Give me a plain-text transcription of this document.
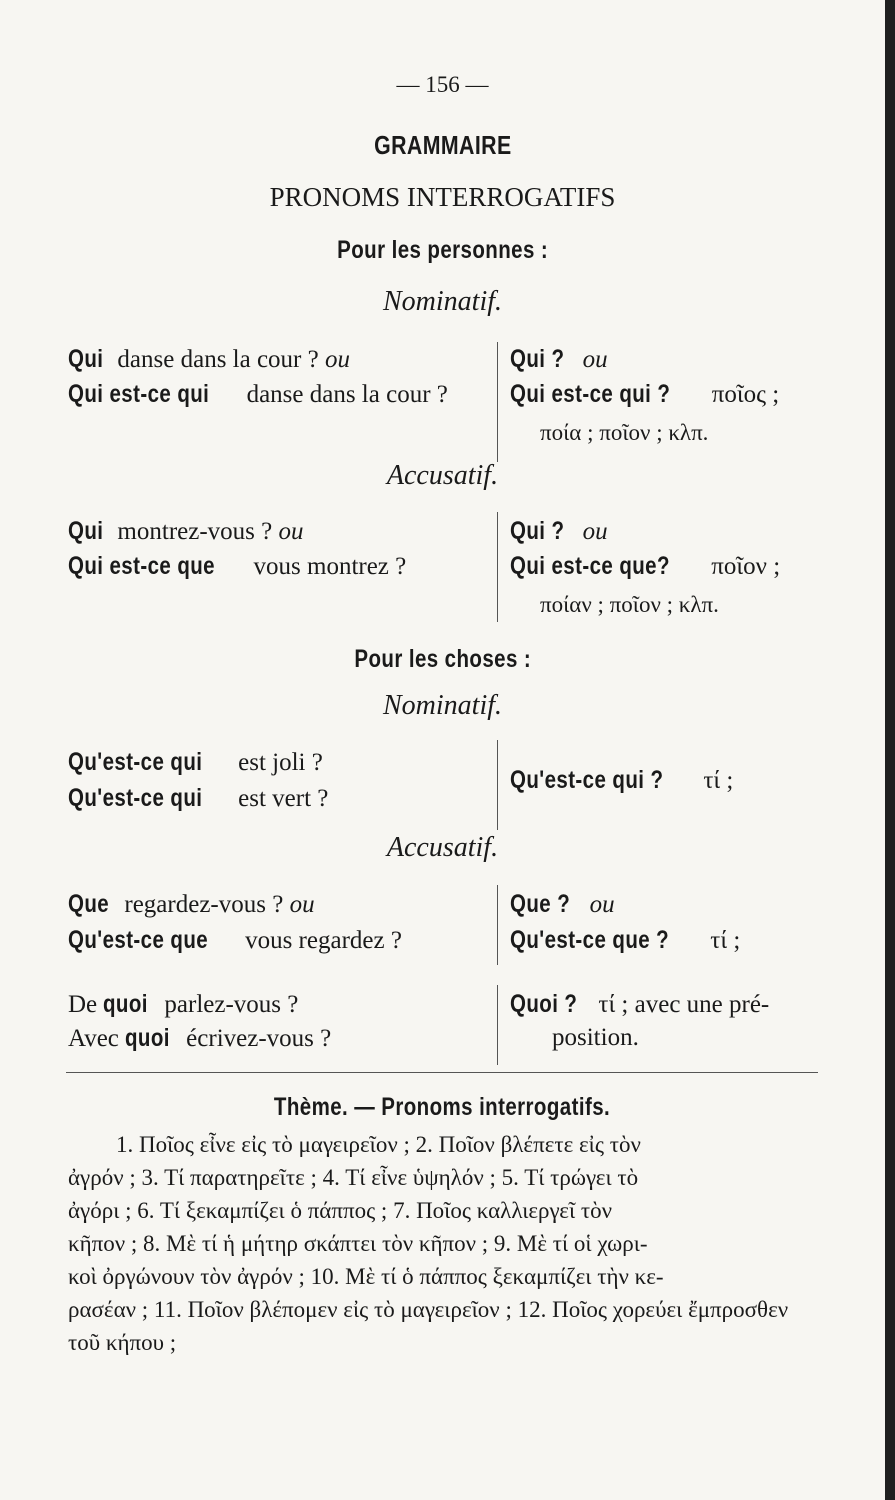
— 156 —
GRAMMAIRE
PRONOMS INTERROGATIFS
Pour les personnes :
Nominatif.
Qui danse dans la cour ? ou
Qui est-ce qui danse dans la cour ?
Qui ? ou
Qui est-ce qui ? ποῖος ;
ποία ; ποῖον ; κλπ.
Accusatif.
Qui montrez-vous ? ou
Qui est-ce que vous montrez ?
Qui ? ou
Qui est-ce que? ποῖον ;
ποίαν ; ποῖον ; κλπ.
Pour les choses :
Nominatif.
Qu'est-ce qui est joli ?
Qu'est-ce qui est vert ?
Qu'est-ce qui ? τί ;
Accusatif.
Que regardez-vous ? ou
Qu'est-ce que vous regardez ?
Que ? ou
Qu'est-ce que ? τί ;
De quoi parlez-vous ?
Avec quoi écrivez-vous ?
Quoi ? τί ; avec une pré-
position.
Thème. — Pronoms interrogatifs.

1. Ποῖος εἶνε εἰς τὸ μαγειρεῖον ; 2. Ποῖον βλέπετε εἰς τὸν

ἀγρόν ; 3. Τί παρατηρεῖτε ; 4. Τί εἶνε ὑψηλόν ; 5. Τί τρώγει τὸ

ἀγόρι ; 6. Τί ξεκαμπίζει ὁ πάππος ; 7. Ποῖος καλλιεργεῖ τὸν

κῆπον ; 8. Μὲ τί ἡ μήτηρ σκάπτει τὸν κῆπον ; 9. Μὲ τί οἱ χωρι-

κοὶ ὀργώνουν τὸν ἀγρόν ; 10. Μὲ τί ὁ πάππος ξεκαμπίζει τὴν κε-

ρασέαν ; 11. Ποῖον βλέπομεν εἰς τὸ μαγειρεῖον ; 12. Ποῖος χορεύει ἔμπροσθεν τοῦ κήπου ;
